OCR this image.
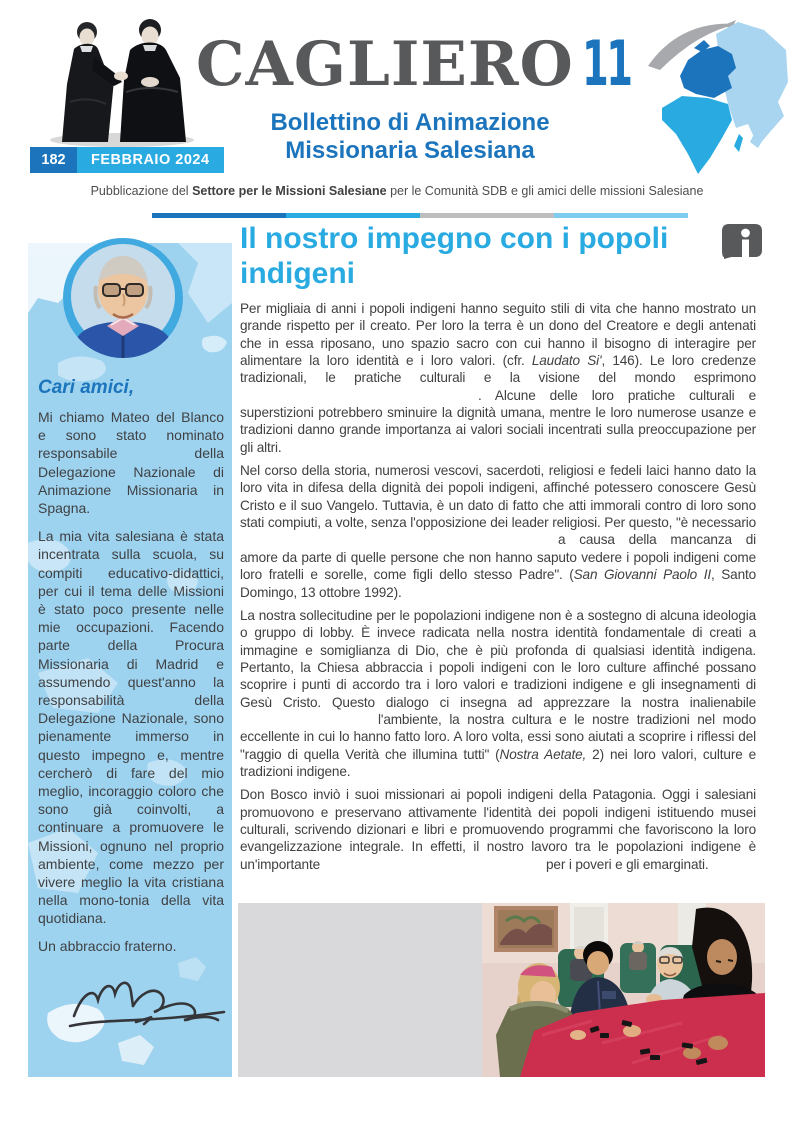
CAGLIERO 11
Bollettino di Animazione
Missionaria Salesiana
182	FEBBRAIO 2024
Pubblicazione del Settore per le Missioni Salesiane per le Comunità SDB e gli amici delle missioni Salesiane

Cari amici,

Mi chiamo Mateo del Blanco e sono stato nominato responsabile della Delegazione Nazionale di Animazione Missionaria in Spagna.

La mia vita salesiana è stata incentrata sulla scuola, su compiti educativo-didattici, per cui il tema delle Missioni è stato poco presente nelle mie occupazioni. Facendo parte della Procura Missionaria di Madrid e assumendo quest'anno la responsabilità della Delegazione Nazionale, sono pienamente immerso in questo impegno e, mentre cercherò di fare del mio meglio, incoraggio coloro che sono già coinvolti, a continuare a promuovere le Missioni, ognuno nel proprio ambiente, come mezzo per vivere meglio la vita cristiana nella mono-tonia della vita quotidiana.

Un abbraccio fraterno.
Il nostro impegno con i popoli indigeni

Per migliaia di anni i popoli indigeni hanno seguito stili di vita che hanno mostrato un grande rispetto per il creato. Per loro la terra è un dono del Creatore e degli antenati che in essa riposano, uno spazio sacro con cui hanno il bisogno di interagire per alimentare la loro identità e i loro valori. (cfr. Laudato Si', 146). Le loro credenze tradizionali, le pratiche culturali e la visione del mondo esprimono. Alcune delle loro pratiche culturali e superstizioni potrebbero sminuire la dignità umana, mentre le loro numerose usanze e tradizioni danno grande importanza ai valori sociali incentrati sulla preoccupazione per gli altri.

Nel corso della storia, numerosi vescovi, sacerdoti, religiosi e fedeli laici hanno dato la loro vita in difesa della dignità dei popoli indigeni, affinché potessero conoscere Gesù Cristo e il suo Vangelo. Tuttavia, è un dato di fatto che atti immorali contro di loro sono stati compiuti, a volte, senza l'opposizione dei leader religiosi. Per questo, "è necessarioa causa della mancanza di amore da parte di quelle persone che non hanno saputo vedere i popoli indigeni come loro fratelli e sorelle, come figli dello stesso Padre". (San Giovanni Paolo II, Santo Domingo, 13 ottobre 1992).

La nostra sollecitudine per le popolazioni indigene non è a sostegno di alcuna ideologia o gruppo di lobby. È invece radicata nella nostra identità fondamentale di creati a immagine e somiglianza di Dio, che è più profonda di qualsiasi identità indigena. Pertanto, la Chiesa abbraccia i popoli indigeni con le loro culture affinché possano scoprire i punti di accordo tra i loro valori e tradizioni indigene e gli insegnamenti di Gesù Cristo. Questo dialogo ci insegna ad apprezzare la nostra inalienabilel'ambiente, la nostra cultura e le nostre tradizioni nel modo eccellente in cui lo hanno fatto loro. A loro volta, essi sono aiutati a scoprire i riflessi del "raggio di quella Verità che illumina tutti" (Nostra Aetate, 2) nei loro valori, culture e tradizioni indigene.

Don Bosco inviò i suoi missionari ai popoli indigeni della Patagonia. Oggi i salesiani promuovono e preservano attivamente l'identità dei popoli indigeni istituendo musei culturali, scrivendo dizionari e libri e promuovendo programmi che favoriscono la loro evangelizzazione integrale. In effetti, il nostro lavoro tra le popolazioni indigene è un'importante	per i poveri e gli emarginati.
